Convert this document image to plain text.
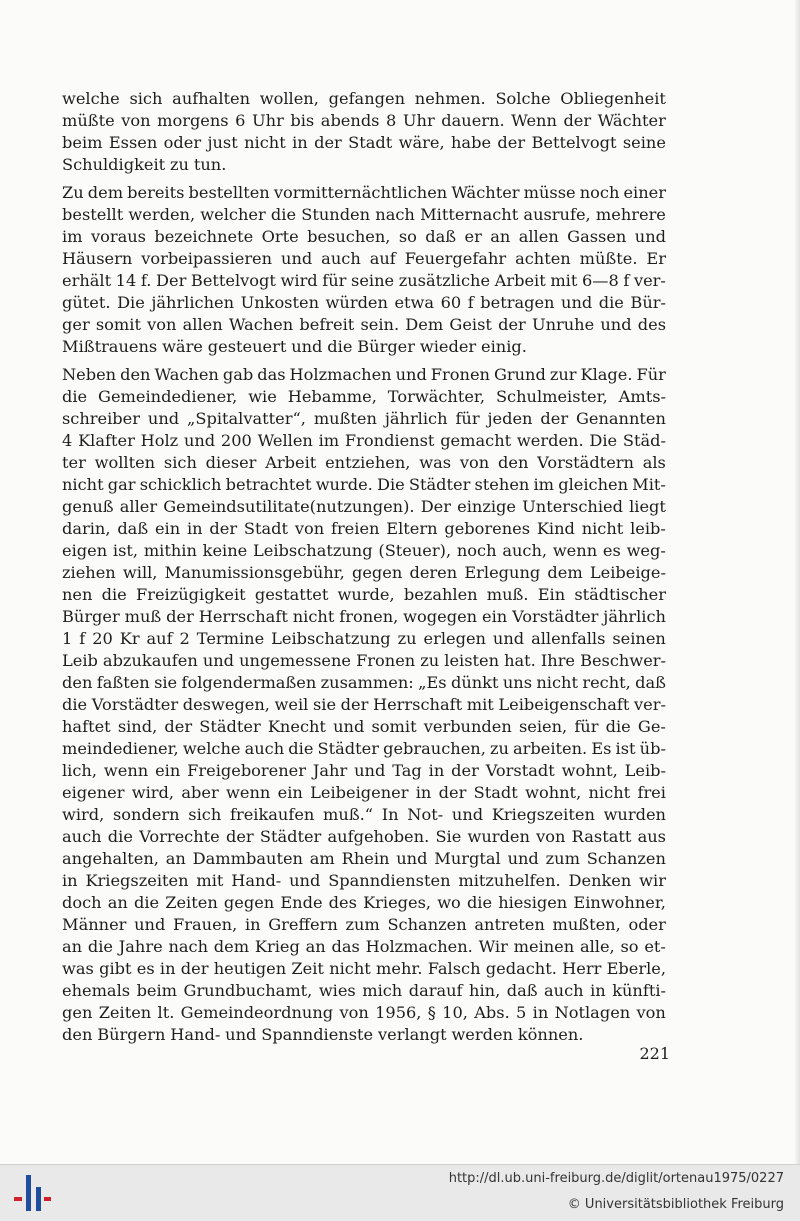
welche sich aufhalten wollen, gefangen nehmen. Solche Obliegenheit
müßte von morgens 6 Uhr bis abends 8 Uhr dauern. Wenn der Wächter
beim Essen oder just nicht in der Stadt wäre, habe der Bettelvogt seine
Schuldigkeit zu tun.
Zu dem bereits bestellten vormitternächtlichen Wächter müsse noch einer
bestellt werden, welcher die Stunden nach Mitternacht ausrufe, mehrere
im voraus bezeichnete Orte besuchen, so daß er an allen Gassen und
Häusern vorbeipassieren und auch auf Feuergefahr achten müßte. Er
erhält 14 f. Der Bettelvogt wird für seine zusätzliche Arbeit mit 6—8 f ver-
gütet. Die jährlichen Unkosten würden etwa 60 f betragen und die Bür-
ger somit von allen Wachen befreit sein. Dem Geist der Unruhe und des
Mißtrauens wäre gesteuert und die Bürger wieder einig.
Neben den Wachen gab das Holzmachen und Fronen Grund zur Klage. Für
die Gemeindediener, wie Hebamme, Torwächter, Schulmeister, Amts-
schreiber und „Spitalvatter“, mußten jährlich für jeden der Genannten
4 Klafter Holz und 200 Wellen im Frondienst gemacht werden. Die Städ-
ter wollten sich dieser Arbeit entziehen, was von den Vorstädtern als
nicht gar schicklich betrachtet wurde. Die Städter stehen im gleichen Mit-
genuß aller Gemeindsutilitate(nutzungen). Der einzige Unterschied liegt
darin, daß ein in der Stadt von freien Eltern geborenes Kind nicht leib-
eigen ist, mithin keine Leibschatzung (Steuer), noch auch, wenn es weg-
ziehen will, Manumissionsgebühr, gegen deren Erlegung dem Leibeige-
nen die Freizügigkeit gestattet wurde, bezahlen muß. Ein städtischer
Bürger muß der Herrschaft nicht fronen, wogegen ein Vorstädter jährlich
1 f 20 Kr auf 2 Termine Leibschatzung zu erlegen und allenfalls seinen
Leib abzukaufen und ungemessene Fronen zu leisten hat. Ihre Beschwer-
den faßten sie folgendermaßen zusammen: „Es dünkt uns nicht recht, daß
die Vorstädter deswegen, weil sie der Herrschaft mit Leibeigenschaft ver-
haftet sind, der Städter Knecht und somit verbunden seien, für die Ge-
meindediener, welche auch die Städter gebrauchen, zu arbeiten. Es ist üb-
lich, wenn ein Freigeborener Jahr und Tag in der Vorstadt wohnt, Leib-
eigener wird, aber wenn ein Leibeigener in der Stadt wohnt, nicht frei
wird, sondern sich freikaufen muß.“ In Not- und Kriegszeiten wurden
auch die Vorrechte der Städter aufgehoben. Sie wurden von Rastatt aus
angehalten, an Dammbauten am Rhein und Murgtal und zum Schanzen
in Kriegszeiten mit Hand- und Spanndiensten mitzuhelfen. Denken wir
doch an die Zeiten gegen Ende des Krieges, wo die hiesigen Einwohner,
Männer und Frauen, in Greffern zum Schanzen antreten mußten, oder
an die Jahre nach dem Krieg an das Holzmachen. Wir meinen alle, so et-
was gibt es in der heutigen Zeit nicht mehr. Falsch gedacht. Herr Eberle,
ehemals beim Grundbuchamt, wies mich darauf hin, daß auch in künfti-
gen Zeiten lt. Gemeindeordnung von 1956, § 10, Abs. 5 in Notlagen von
den Bürgern Hand- und Spanndienste verlangt werden können.
221
http://dl.ub.uni-freiburg.de/diglit/ortenau1975/0227
© Universitätsbibliothek Freiburg
